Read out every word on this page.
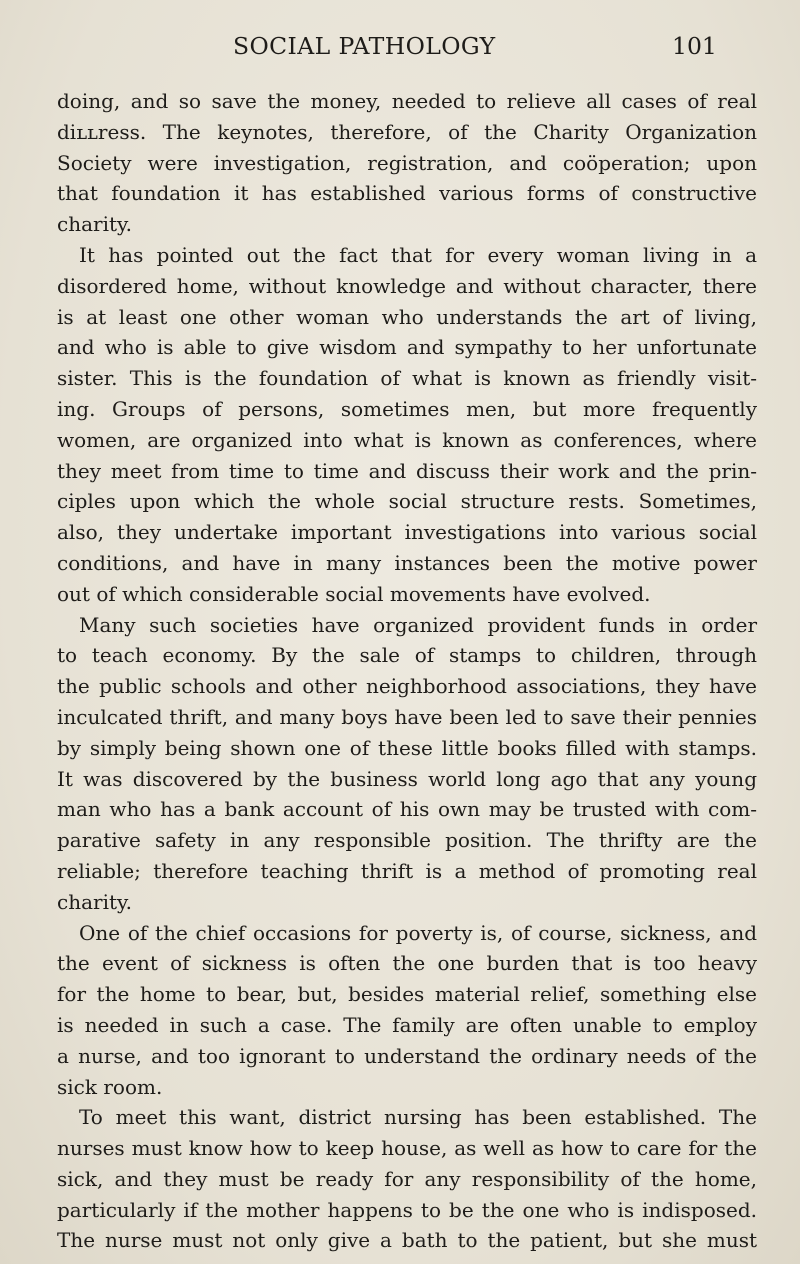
SOCIAL PATHOLOGY	101
doing, and so save the money, needed to relieve all cases of real
diʟʟress. The keynotes, therefore, of the Charity Organization
Society were investigation, registration, and coöperation; upon
that foundation it has established various forms of constructive
charity.
It has pointed out the fact that for every woman living in a
disordered home, without knowledge and without character, there
is at least one other woman who understands the art of living,
and who is able to give wisdom and sympathy to her unfortunate
sister. This is the foundation of what is known as friendly visit-
ing. Groups of persons, sometimes men, but more frequently
women, are organized into what is known as conferences, where
they meet from time to time and discuss their work and the prin-
ciples upon which the whole social structure rests. Sometimes,
also, they undertake important investigations into various social
conditions, and have in many instances been the motive power
out of which considerable social movements have evolved.
Many such societies have organized provident funds in order
to teach economy. By the sale of stamps to children, through
the public schools and other neighborhood associations, they have
inculcated thrift, and many boys have been led to save their pennies
by simply being shown one of these little books filled with stamps.
It was discovered by the business world long ago that any young
man who has a bank account of his own may be trusted with com-
parative safety in any responsible position. The thrifty are the
reliable; therefore teaching thrift is a method of promoting real
charity.
One of the chief occasions for poverty is, of course, sickness, and
the event of sickness is often the one burden that is too heavy
for the home to bear, but, besides material relief, something else
is needed in such a case. The family are often unable to employ
a nurse, and too ignorant to understand the ordinary needs of the
sick room.
To meet this want, district nursing has been established. The
nurses must know how to keep house, as well as how to care for the
sick, and they must be ready for any responsibility of the home,
particularly if the mother happens to be the one who is indisposed.
The nurse must not only give a bath to the patient, but she must
